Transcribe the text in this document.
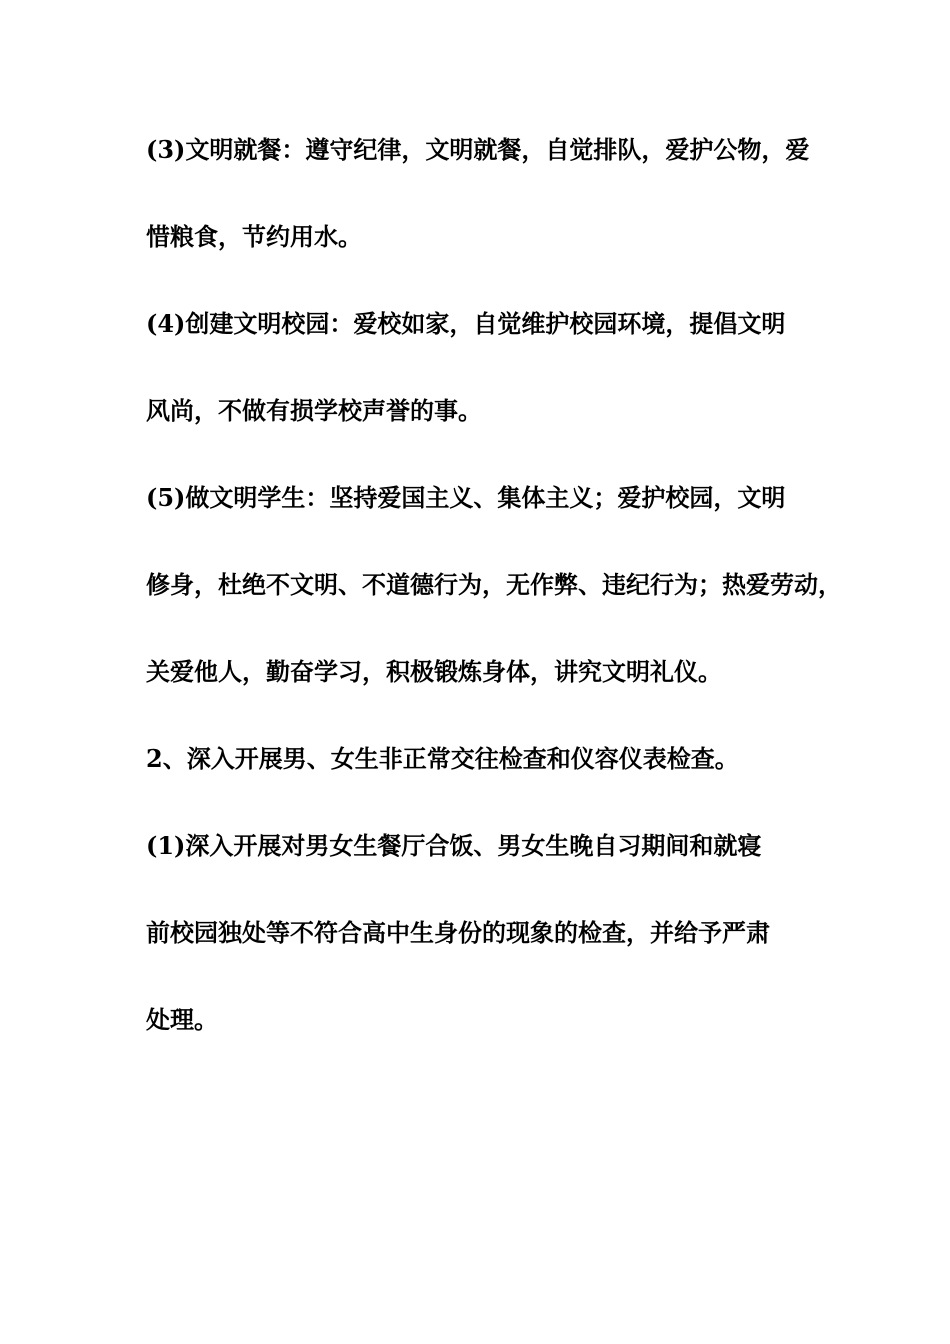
(3)文明就餐：遵守纪律，文明就餐，自觉排队，爱护公物，爱
惜粮食，节约用水。
(4)创建文明校园：爱校如家，自觉维护校园环境，提倡文明
风尚，不做有损学校声誉的事。
(5)做文明学生：坚持爱国主义、集体主义；爱护校园，文明
修身，杜绝不文明、不道德行为，无作弊、违纪行为；热爱劳动，
关爱他人，勤奋学习，积极锻炼身体，讲究文明礼仪。
2、深入开展男、女生非正常交往检查和仪容仪表检查。
(1)深入开展对男女生餐厅合饭、男女生晚自习期间和就寝
前校园独处等不符合高中生身份的现象的检查，并给予严肃
处理。
